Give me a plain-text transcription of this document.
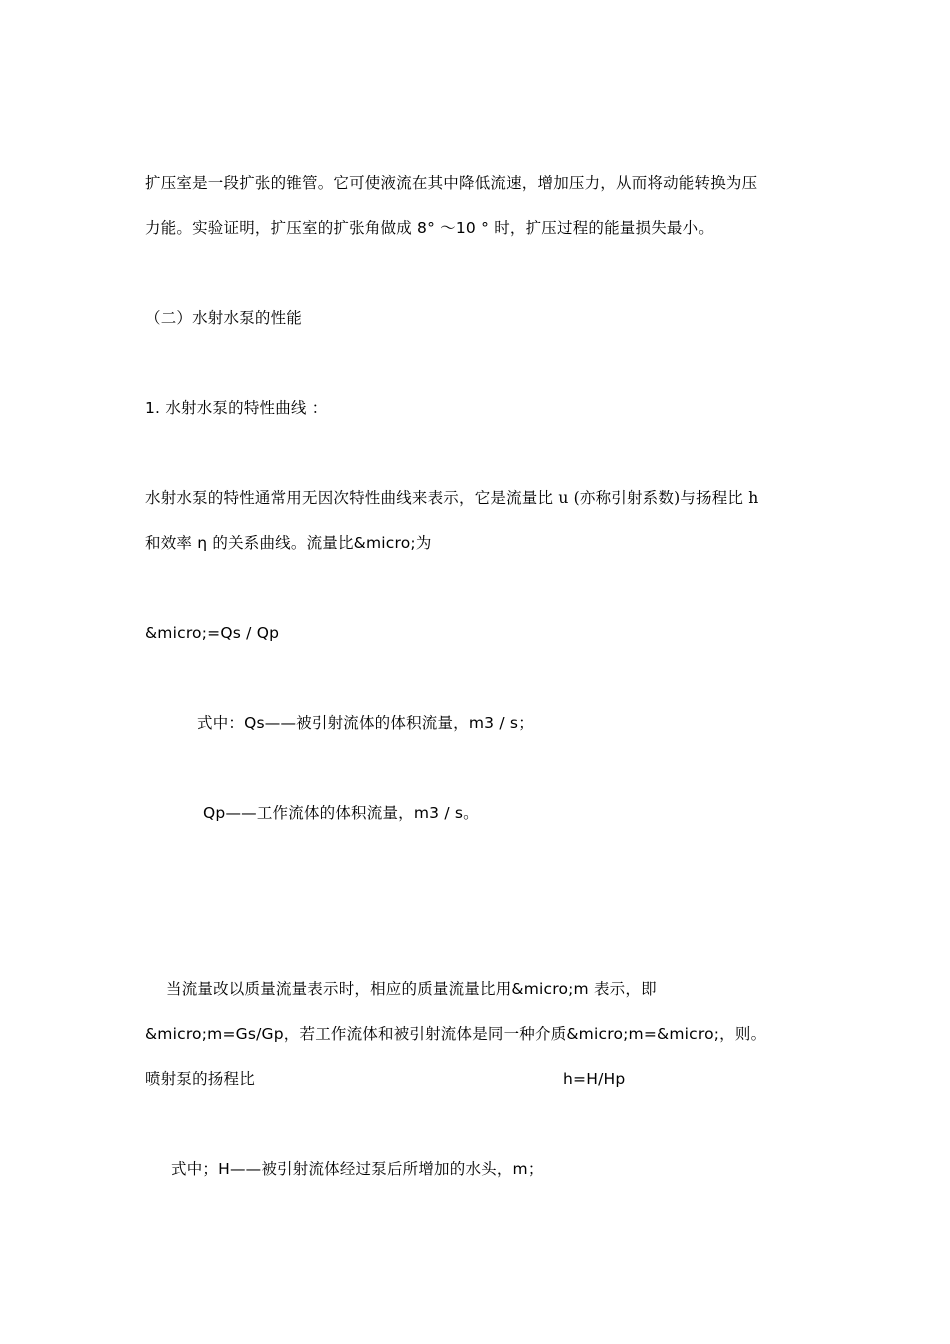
扩压室是一段扩张的锥管。它可使液流在其中降低流速，增加压力，从而将动能转换为压
力能。实验证明，扩压室的扩张角做成 8° ～10 ° 时，扩压过程的能量损失最小。
（二）水射水泵的性能
1. 水射水泵的特性曲线 ：
水射水泵的特性通常用无因次特性曲线来表示，它是流量比 u (亦称引射系数)与扬程比 h
和效率 η 的关系曲线。流量比&micro;为
&micro;=Qs / Qp
式中：Qs——被引射流体的体积流量，m3 / s；
Qp——工作流体的体积流量，m3 / s。
当流量改以质量流量表示时，相应的质量流量比用&micro;m 表示，即
&micro;m=Gs/Gp，若工作流体和被引射流体是同一种介质&micro;m=&micro;，则。
喷射泵的扬程比	h=H/Hp
式中；H——被引射流体经过泵后所增加的水头，m；
